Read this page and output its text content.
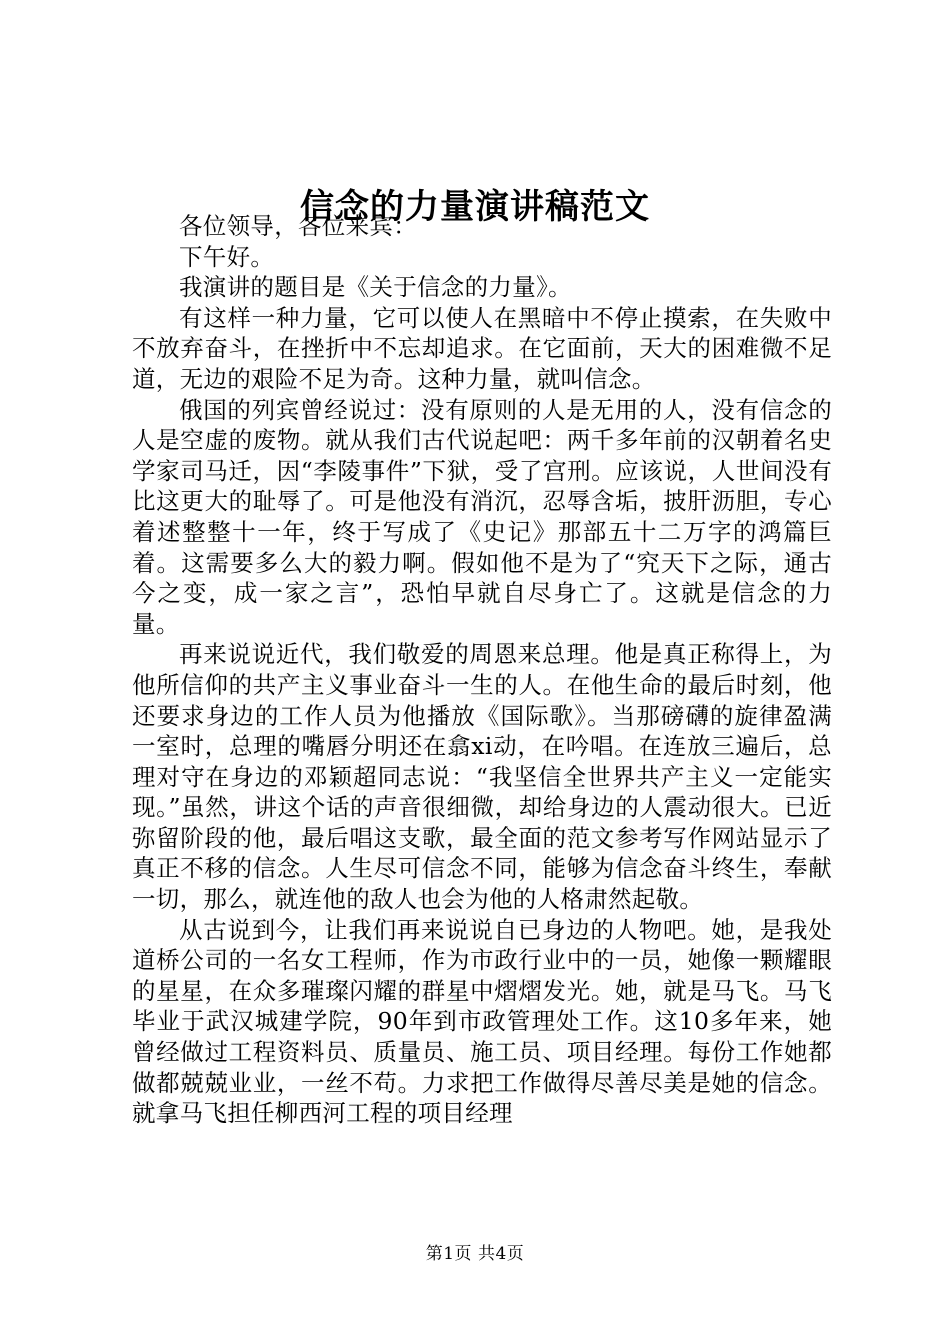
信念的力量演讲稿范文

各位领导，各位来宾：

下午好。

我演讲的题目是《关于信念的力量》。

有这样一种力量，它可以使人在黑暗中不停止摸索，在失败中不放弃奋斗，在挫折中不忘却追求。在它面前，天大的困难微不足道，无边的艰险不足为奇。这种力量，就叫信念。

俄国的列宾曾经说过：没有原则的人是无用的人，没有信念的人是空虚的废物。就从我们古代说起吧：两千多年前的汉朝着名史学家司马迁，因“李陵事件”下狱，受了宫刑。应该说，人世间没有比这更大的耻辱了。可是他没有消沉，忍辱含垢，披肝沥胆，专心着述整整十一年，终于写成了《史记》那部五十二万字的鸿篇巨着。这需要多么大的毅力啊。假如他不是为了“究天下之际，通古今之变，成一家之言”，恐怕早就自尽身亡了。这就是信念的力量。

再来说说近代，我们敬爱的周恩来总理。他是真正称得上，为他所信仰的共产主义事业奋斗一生的人。在他生命的最后时刻，他还要求身边的工作人员为他播放《国际歌》。当那磅礴的旋律盈满一室时，总理的嘴唇分明还在翕xi动，在吟唱。在连放三遍后，总理对守在身边的邓颖超同志说：“我坚信全世界共产主义一定能实现。”虽然，讲这个话的声音很细微，却给身边的人震动很大。已近弥留阶段的他，最后唱这支歌，最全面的范文参考写作网站显示了真正不移的信念。人生尽可信念不同，能够为信念奋斗终生，奉献一切，那么，就连他的敌人也会为他的人格肃然起敬。

从古说到今，让我们再来说说自已身边的人物吧。她，是我处道桥公司的一名女工程师，作为市政行业中的一员，她像一颗耀眼的星星，在众多璀璨闪耀的群星中熠熠发光。她，就是马飞。马飞毕业于武汉城建学院，90年到市政管理处工作。这10多年来，她曾经做过工程资料员、质量员、施工员、项目经理。每份工作她都做都兢兢业业，一丝不苟。力求把工作做得尽善尽美是她的信念。就拿马飞担任柳西河工程的项目经理

第1页 共4页
